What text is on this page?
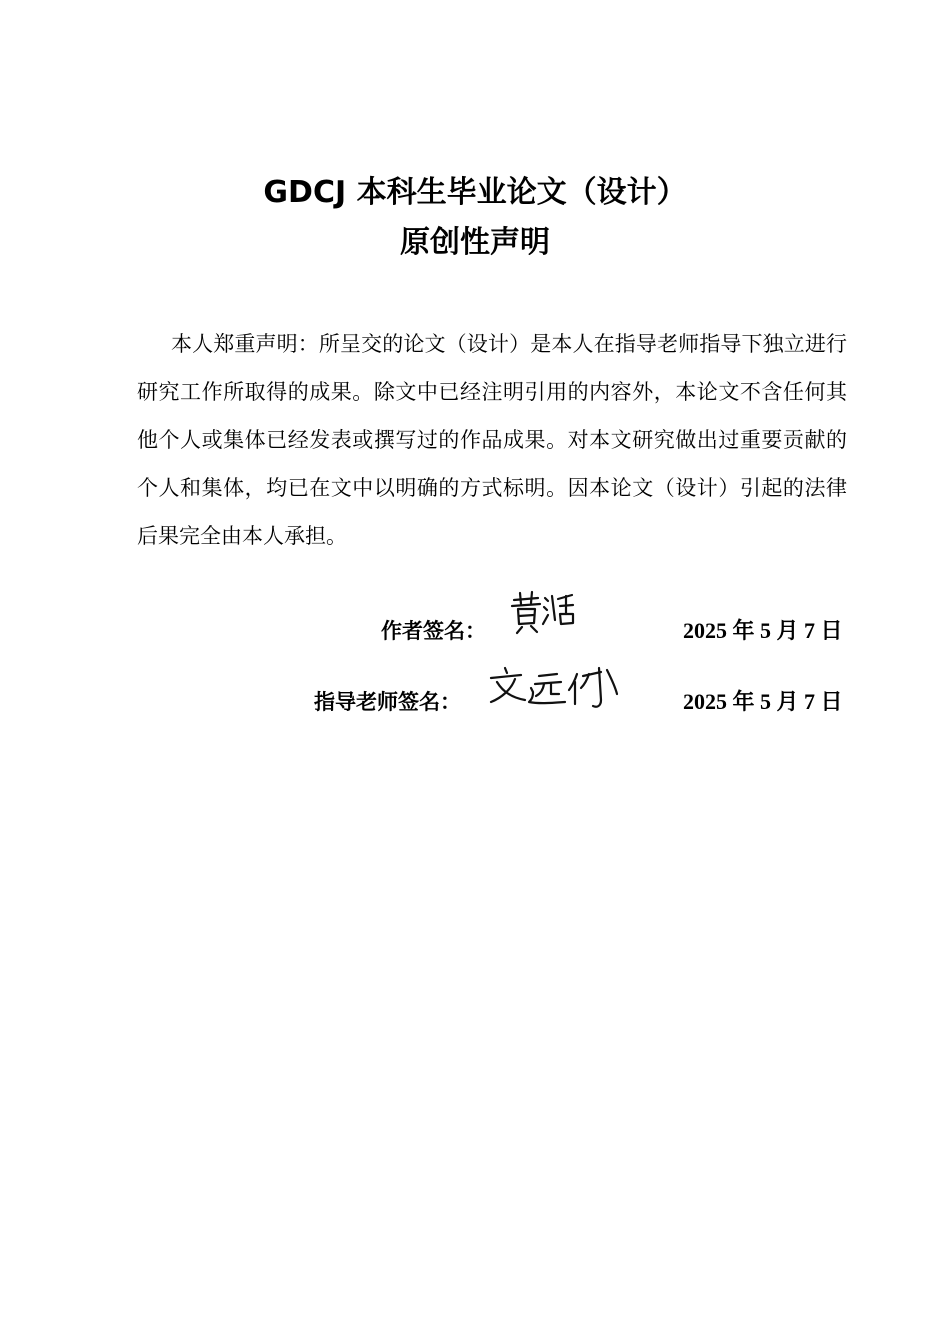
GDCJ 本科生毕业论文（设计）
原创性声明

本人郑重声明：所呈交的论文（设计）是本人在指导老师指导下独立进行研究工作所取得的成果。除文中已经注明引用的内容外，本论文不含任何其他个人或集体已经发表或撰写过的作品成果。对本文研究做出过重要贡献的个人和集体，均已在文中以明确的方式标明。因本论文（设计）引起的法律后果完全由本人承担。

作者签名：	2025 年 5 月 7 日
指导老师签名：	2025 年 5 月 7 日
